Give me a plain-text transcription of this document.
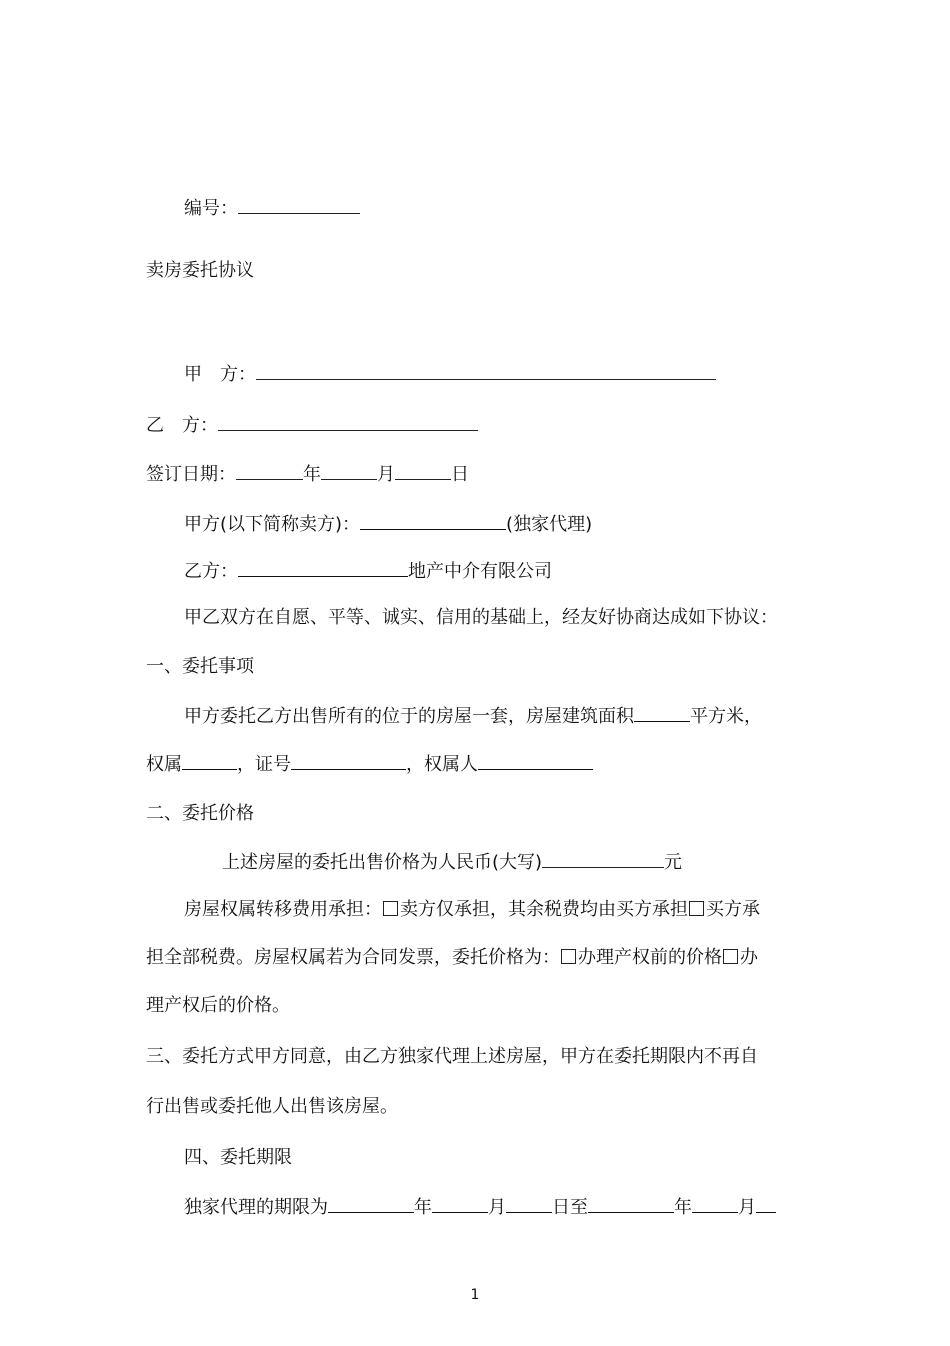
编号：
卖房委托协议
甲　方：
乙　方：
签订日期：	年	月	日
甲方(以下简称卖方)：	(独家代理)
乙方：	地产中介有限公司
甲乙双方在自愿、平等、诚实、信用的基础上，经友好协商达成如下协议：
一、委托事项
甲方委托乙方出售所有的位于的房屋一套，房屋建筑面积	平方米，
权属	，证号	，权属人
二、委托价格
上述房屋的委托出售价格为人民币(大写)	元
房屋权属转移费用承担： 卖方仅承担，其余税费均由买方承担 买方承
担全部税费。房屋权属若为合同发票，委托价格为： 办理产权前的价格 办
理产权后的价格。
三、委托方式甲方同意，由乙方独家代理上述房屋，甲方在委托期限内不再自
行出售或委托他人出售该房屋。
四、委托期限
独家代理的期限为	年	月	日至	年	月
1
